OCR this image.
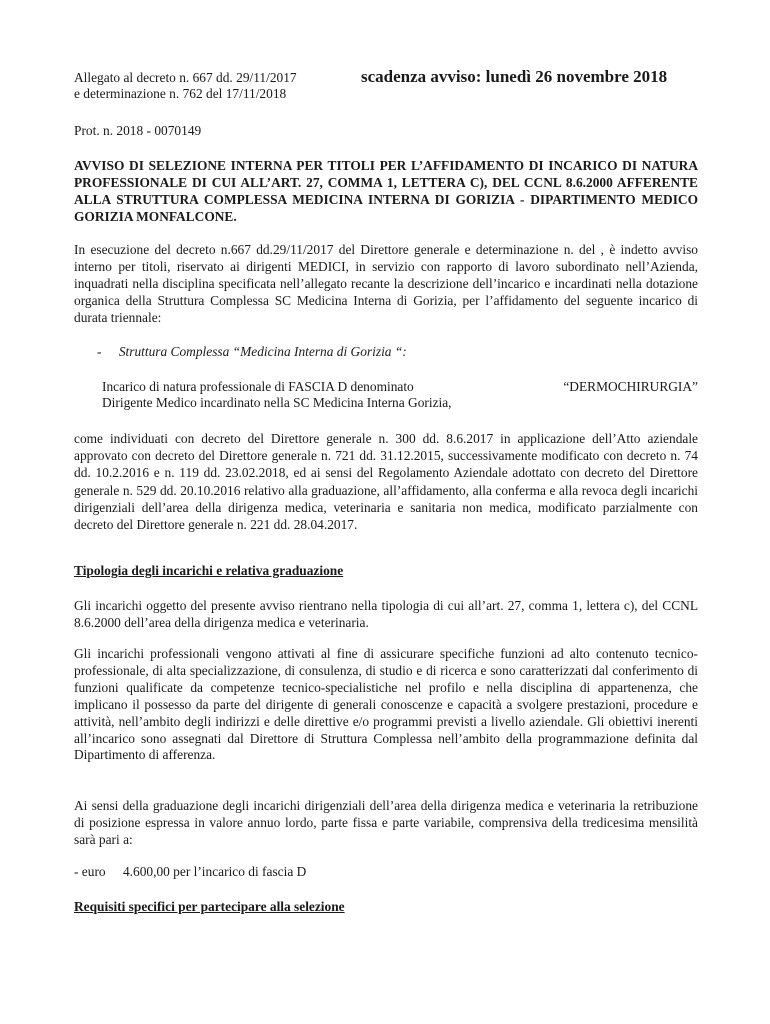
Allegato al decreto n. 667 dd. 29/11/2017
e determinazione n. 762 del 17/11/2018
scadenza avviso: lunedì 26 novembre 2018
Prot. n. 2018 - 0070149

AVVISO DI SELEZIONE INTERNA PER TITOLI PER L’AFFIDAMENTO DI INCARICO DI NATURA PROFESSIONALE DI CUI ALL’ART. 27, COMMA 1, LETTERA C), DEL CCNL 8.6.2000 AFFERENTE ALLA STRUTTURA COMPLESSA MEDICINA INTERNA DI GORIZIA - DIPARTIMENTO MEDICO GORIZIA MONFALCONE.

In esecuzione del decreto n.667 dd.29/11/2017 del Direttore generale e determinazione n. del , è indetto avviso interno per titoli, riservato ai dirigenti MEDICI, in servizio con rapporto di lavoro subordinato nell’Azienda, inquadrati nella disciplina specificata nell’allegato recante la descrizione dell’incarico e incardinati nella dotazione organica della Struttura Complessa SC Medicina Interna di Gorizia, per l’affidamento del seguente incarico di durata triennale:

- Struttura Complessa “Medicina Interna di Gorizia “:
Incarico di natura professionale di FASCIA D denominato	“DERMOCHIRURGIA”
Dirigente Medico incardinato nella SC Medicina Interna Gorizia,

come individuati con decreto del Direttore generale n. 300 dd. 8.6.2017 in applicazione dell’Atto aziendale approvato con decreto del Direttore generale n. 721 dd. 31.12.2015, successivamente modificato con decreto n. 74 dd. 10.2.2016 e n. 119 dd. 23.02.2018, ed ai sensi del Regolamento Aziendale adottato con decreto del Direttore generale n. 529 dd. 20.10.2016 relativo alla graduazione, all’affidamento, alla conferma e alla revoca degli incarichi dirigenziali dell’area della dirigenza medica, veterinaria e sanitaria non medica, modificato parzialmente con decreto del Direttore generale n. 221 dd. 28.04.2017.

Tipologia degli incarichi e relativa graduazione

Gli incarichi oggetto del presente avviso rientrano nella tipologia di cui all’art. 27, comma 1, lettera c), del CCNL 8.6.2000 dell’area della dirigenza medica e veterinaria.

Gli incarichi professionali vengono attivati al fine di assicurare specifiche funzioni ad alto contenuto tecnico-professionale, di alta specializzazione, di consulenza, di studio e di ricerca e sono caratterizzati dal conferimento di funzioni qualificate da competenze tecnico-specialistiche nel profilo e nella disciplina di appartenenza, che implicano il possesso da parte del dirigente di generali conoscenze e capacità a svolgere prestazioni, procedure e attività, nell’ambito degli indirizzi e delle direttive e/o programmi previsti a livello aziendale. Gli obiettivi inerenti all’incarico sono assegnati dal Direttore di Struttura Complessa nell’ambito della programmazione definita dal Dipartimento di afferenza.

Ai sensi della graduazione degli incarichi dirigenziali dell’area della dirigenza medica e veterinaria la retribuzione di posizione espressa in valore annuo lordo, parte fissa e parte variabile, comprensiva della tredicesima mensilità sarà pari a:

- euro 4.600,00 per l’incarico di fascia D
Requisiti specifici per partecipare alla selezione
